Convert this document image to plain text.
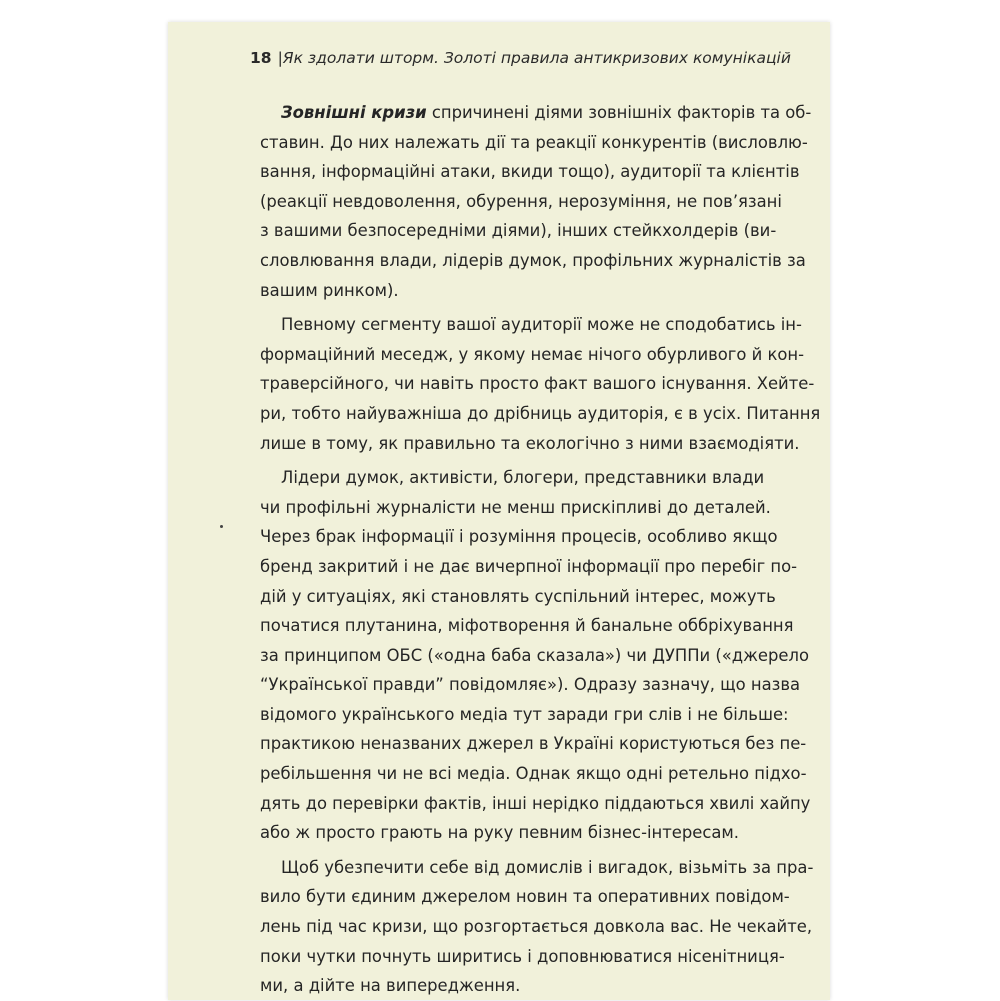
18 |Як здолати шторм. Золоті правила антикризових комунікацій
Зовнішні кризи спричинені діями зовнішніх факторів та об-
ставин. До них належать дії та реакції конкурентів (висловлю-
вання, інформаційні атаки, вкиди тощо), аудиторії та клієнтів
(реакції невдоволення, обурення, нерозуміння, не пов’язані
з вашими безпосередніми діями), інших стейкхолдерів (ви-
словлювання влади, лідерів думок, профільних журналістів за
вашим ринком).
Певному сегменту вашої аудиторії може не сподобатись ін-
формаційний меседж, у якому немає нічого обурливого й кон-
траверсійного, чи навіть просто факт вашого існування. Хейте-
ри, тобто найуважніша до дрібниць аудиторія, є в усіх. Питання
лише в тому, як правильно та екологічно з ними взаємодіяти.
Лідери думок, активісти, блогери, представники влади
чи профільні журналісти не менш прискіпливі до деталей.
Через брак інформації і розуміння процесів, особливо якщо
бренд закритий і не дає вичерпної інформації про перебіг по-
дій у ситуаціях, які становлять суспільний інтерес, можуть
початися плутанина, міфотворення й банальне оббріхування
за принципом ОБС («одна баба сказала») чи ДУППи («джерело
“Української правди” повідомляє»). Одразу зазначу, що назва
відомого українського медіа тут заради гри слів і не більше:
практикою неназваних джерел в Україні користуються без пе-
ребільшення чи не всі медіа. Однак якщо одні ретельно підхо-
дять до перевірки фактів, інші нерідко піддаються хвилі хайпу
або ж просто грають на руку певним бізнес-інтересам.
Щоб убезпечити себе від домислів і вигадок, візьміть за пра-
вило бути єдиним джерелом новин та оперативних повідом-
лень під час кризи, що розгортається довкола вас. Не чекайте,
поки чутки почнуть ширитись і доповнюватися нісенітниця-
ми, а дійте на випередження.
